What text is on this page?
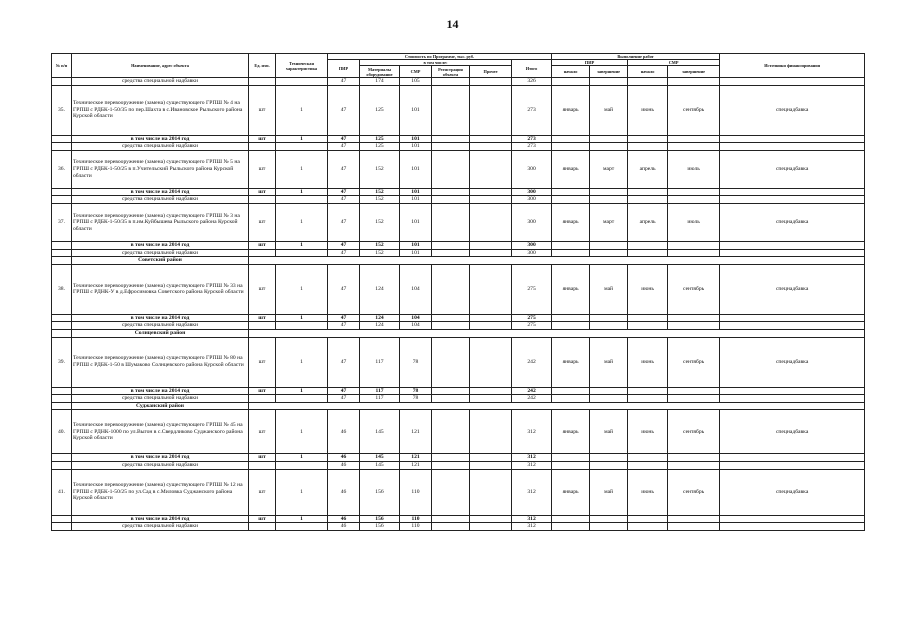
14
№ п/п	Наименование, адрес объекта	Ед. изм.	Техническая характеристика	Стоимость по Программе, тыс. руб.						Выполнение работ				Источники финансирования
				ПИР	в том числе:				Итого	ПИР		СМР		
					Материалы оборудование	СМР	Регистрация объекта	Прочее		начало	завершение	начало	завершение	
	средства специальной надбавки			47	174	105			326					
35.	Техническое перевооружение (замена) существующего ГРПШ № 4 на ГРПШ с РДБК-1-50/35 по пер.Шахта в с.Ивановское Рыльского района Курской области	шт	1	47	125	101			273	январь	май	июнь	сентябрь	спецнадбавка
	в том числе на 2014 год	шт	1	47	125	101			273					
	средства специальной надбавки			47	125	101			273					
36.	Техническое перевооружение (замена) существующего ГРПШ № 5 на ГРПШ с РДБК-1-50/25 в п.Учительский Рыльского района Курской области	шт	1	47	152	101			300	январь	март	апрель	июль	спецнадбавка
	в том числе на 2014 год	шт	1	47	152	101			300					
	средства специальной надбавки			47	152	101			300					
37.	Техническое перевооружение (замена) существующего ГРПШ № 3 на ГРПШ с РДБК-1-50/35 в п.им.Куйбышева Рыльского района Курской области	шт	1	47	152	101			300	январь	март	апрель	июль	спецнадбавка
	в том числе на 2014 год	шт	1	47	152	101			300					
	средства специальной надбавки			47	152	101			300					
	Советский район													
38.	Техническое перевооружение (замена) существующего ГРПШ № 33 на ГРПШ с РДНК-У в д.Ефросимовка Советского района Курской области	шт	1	47	124	104			275	январь	май	июнь	сентябрь	спецнадбавка
	в том числе на 2014 год	шт	1	47	124	104			275					
	средства специальной надбавки			47	124	104			275					
	Солнцевский район													
39.	Техническое перевооружение (замена) существующего ГРПШ № 80 на ГРПШ с РДБК-1-50 в Шумаково Солнцевского района Курской области	шт	1	47	117	78			242	январь	май	июнь	сентябрь	спецнадбавка
	в том числе на 2014 год	шт	1	47	117	78			242					
	средства специальной надбавки			47	117	78			242					
	Суджанский район													
40.	Техническое перевооружение (замена) существующего ГРПШ № 45 на ГРПШ с РДНК-1000 по ул.Выгон в с.Свердликово Суджанского района Курской области	шт	1	46	145	121			312	январь	май	июнь	сентябрь	спецнадбавка
	в том числе на 2014 год	шт	1	46	145	121			312					
	средства специальной надбавки			46	145	121			312					
41.	Техническое перевооружение (замена) существующего ГРПШ № 12 на ГРПШ с РДБК-1-50/25 по ул.Сад в с.Миловка Суджанского района Курской области	шт	1	46	156	110			312	январь	май	июнь	сентябрь	спецнадбавка
	в том числе на 2014 год	шт	1	46	156	110			312					
	средства специальной надбавки			46	156	110			312					
